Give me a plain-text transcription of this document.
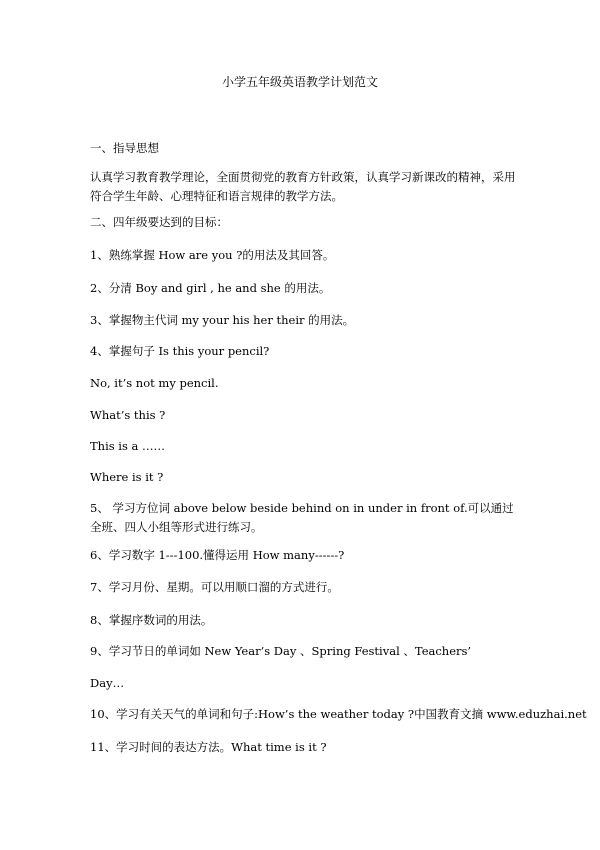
小学五年级英语教学计划范文
一、指导思想
认真学习教育教学理论，全面贯彻党的教育方针政策，认真学习新课改的精神，采用符合学生年龄、心理特征和语言规律的教学方法。
二、四年级要达到的目标：
1、熟练掌握 How are you ?的用法及其回答。
2、分清 Boy and girl , he and she 的用法。
3、掌握物主代词 my your his her their 的用法。
4、掌握句子 Is this your pencil?
No, it’s not my pencil.
What’s this ?
This is a ……
Where is it ?
5、 学习方位词 above below beside behind on in under in front of.可以通过全班、四人小组等形式进行练习。
6、学习数字 1---100.懂得运用 How many------?
7、学习月份、星期。可以用顺口溜的方式进行。
8、掌握序数词的用法。
9、学习节日的单词如 New Year’s Day 、Spring Festival 、Teachers’
Day…
10、学习有关天气的单词和句子:How’s the weather today ?中国教育文摘 www.eduzhai.net
11、学习时间的表达方法。What time is it ?
